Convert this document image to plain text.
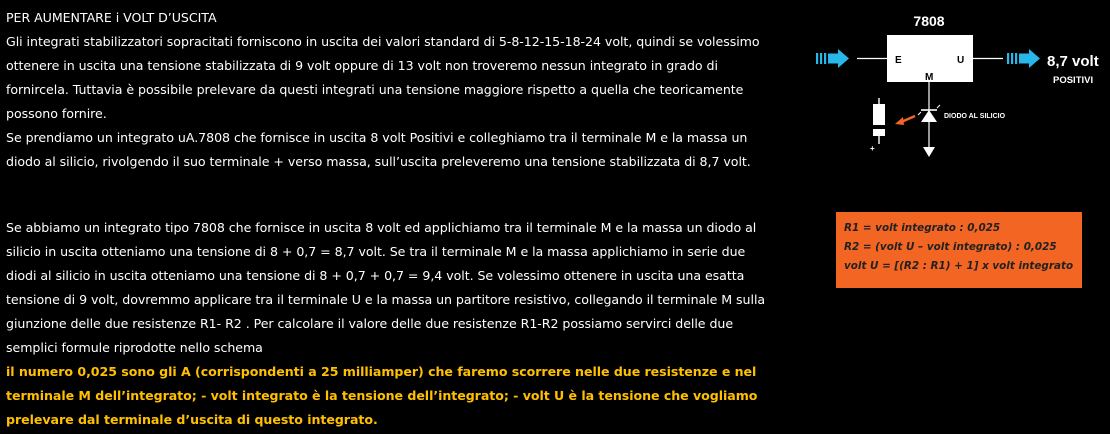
PER AUMENTARE i VOLT D’USCITA

Gli integrati stabilizzatori sopracitati forniscono in uscita dei valori standard di 5-8-12-15-18-24 volt, quindi se volessimo

ottenere in uscita una tensione stabilizzata di 9 volt oppure di 13 volt non troveremo nessun integrato in grado di

fornircela. Tuttavia è possibile prelevare da questi integrati una tensione maggiore rispetto a quella che teoricamente

possono fornire.

Se prendiamo un integrato uA.7808 che fornisce in uscita 8 volt Positivi e colleghiamo tra il terminale M e la massa un

diodo al silicio, rivolgendo il suo terminale + verso massa, sull’uscita preleveremo una tensione stabilizzata di 8,7 volt.

Se abbiamo un integrato tipo 7808 che fornisce in uscita 8 volt ed applichiamo tra il terminale M e la massa un diodo al

silicio in uscita otteniamo una tensione di 8 + 0,7 = 8,7 volt. Se tra il terminale M e la massa applichiamo in serie due

diodi al silicio in uscita otteniamo una tensione di 8 + 0,7 + 0,7 = 9,4 volt. Se volessimo ottenere in uscita una esatta

tensione di 9 volt, dovremmo applicare tra il terminale U e la massa un partitore resistivo, collegando il terminale M sulla

giunzione delle due resistenze R1- R2 . Per calcolare il valore delle due resistenze R1-R2 possiamo servirci delle due

semplici formule riprodotte nello schema

il numero 0,025 sono gli A (corrispondenti a 25 milliamper) che faremo scorrere nelle due resistenze e nel

terminale M dell’integrato; - volt integrato è la tensione dell’integrato; - volt U è la tensione che vogliamo

prelevare dal terminale d’uscita di questo integrato.

7808
E	U
M
8,7 volt
POSITIVI
DIODO AL SILICIO
+
R1 = volt integrato : 0,025
R2 = (volt U – volt integrato) : 0,025
volt U = [(R2 : R1) + 1] x volt integrato
